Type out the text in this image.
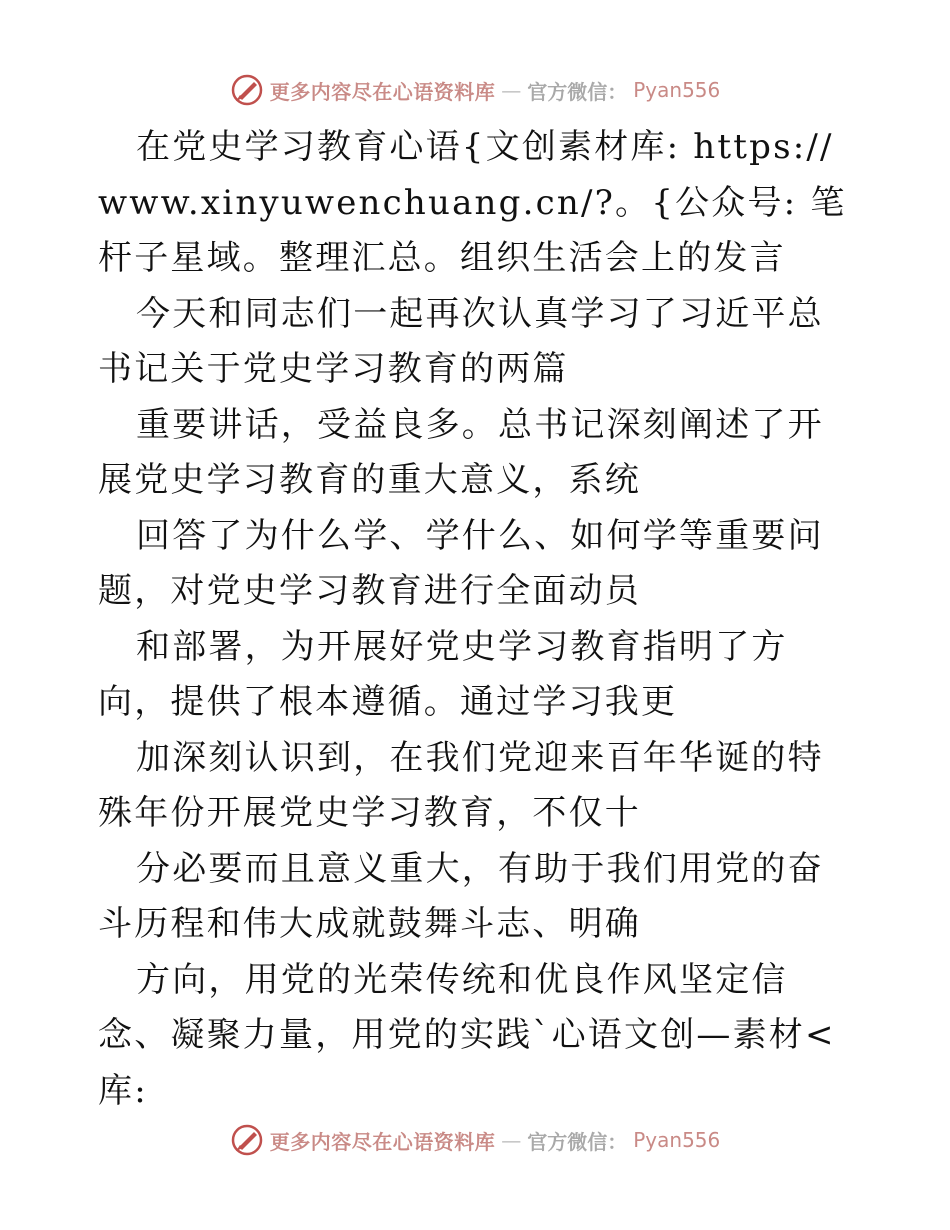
更多内容尽在心语资料库 — 官方微信： Pyan556

在党史学习教育心语{文创素材库: https:// www.xinyuwenchuang.cn/?。{公众号: 笔杆子星域。整理汇总。组织生活会上的发言

今天和同志们一起再次认真学习了习近平总书记关于党史学习教育的两篇

重要讲话，受益良多。总书记深刻阐述了开展党史学习教育的重大意义，系统

回答了为什么学、学什么、如何学等重要问题，对党史学习教育进行全面动员

和部署，为开展好党史学习教育指明了方向，提供了根本遵循。通过学习我更

加深刻认识到，在我们党迎来百年华诞的特殊年份开展党史学习教育，不仅十

分必要而且意义重大，有助于我们用党的奋斗历程和伟大成就鼓舞斗志、明确

方向，用党的光荣传统和优良作风坚定信念、凝聚力量，用党的实践`心语文创—素材<库:

更多内容尽在心语资料库 — 官方微信： Pyan556
